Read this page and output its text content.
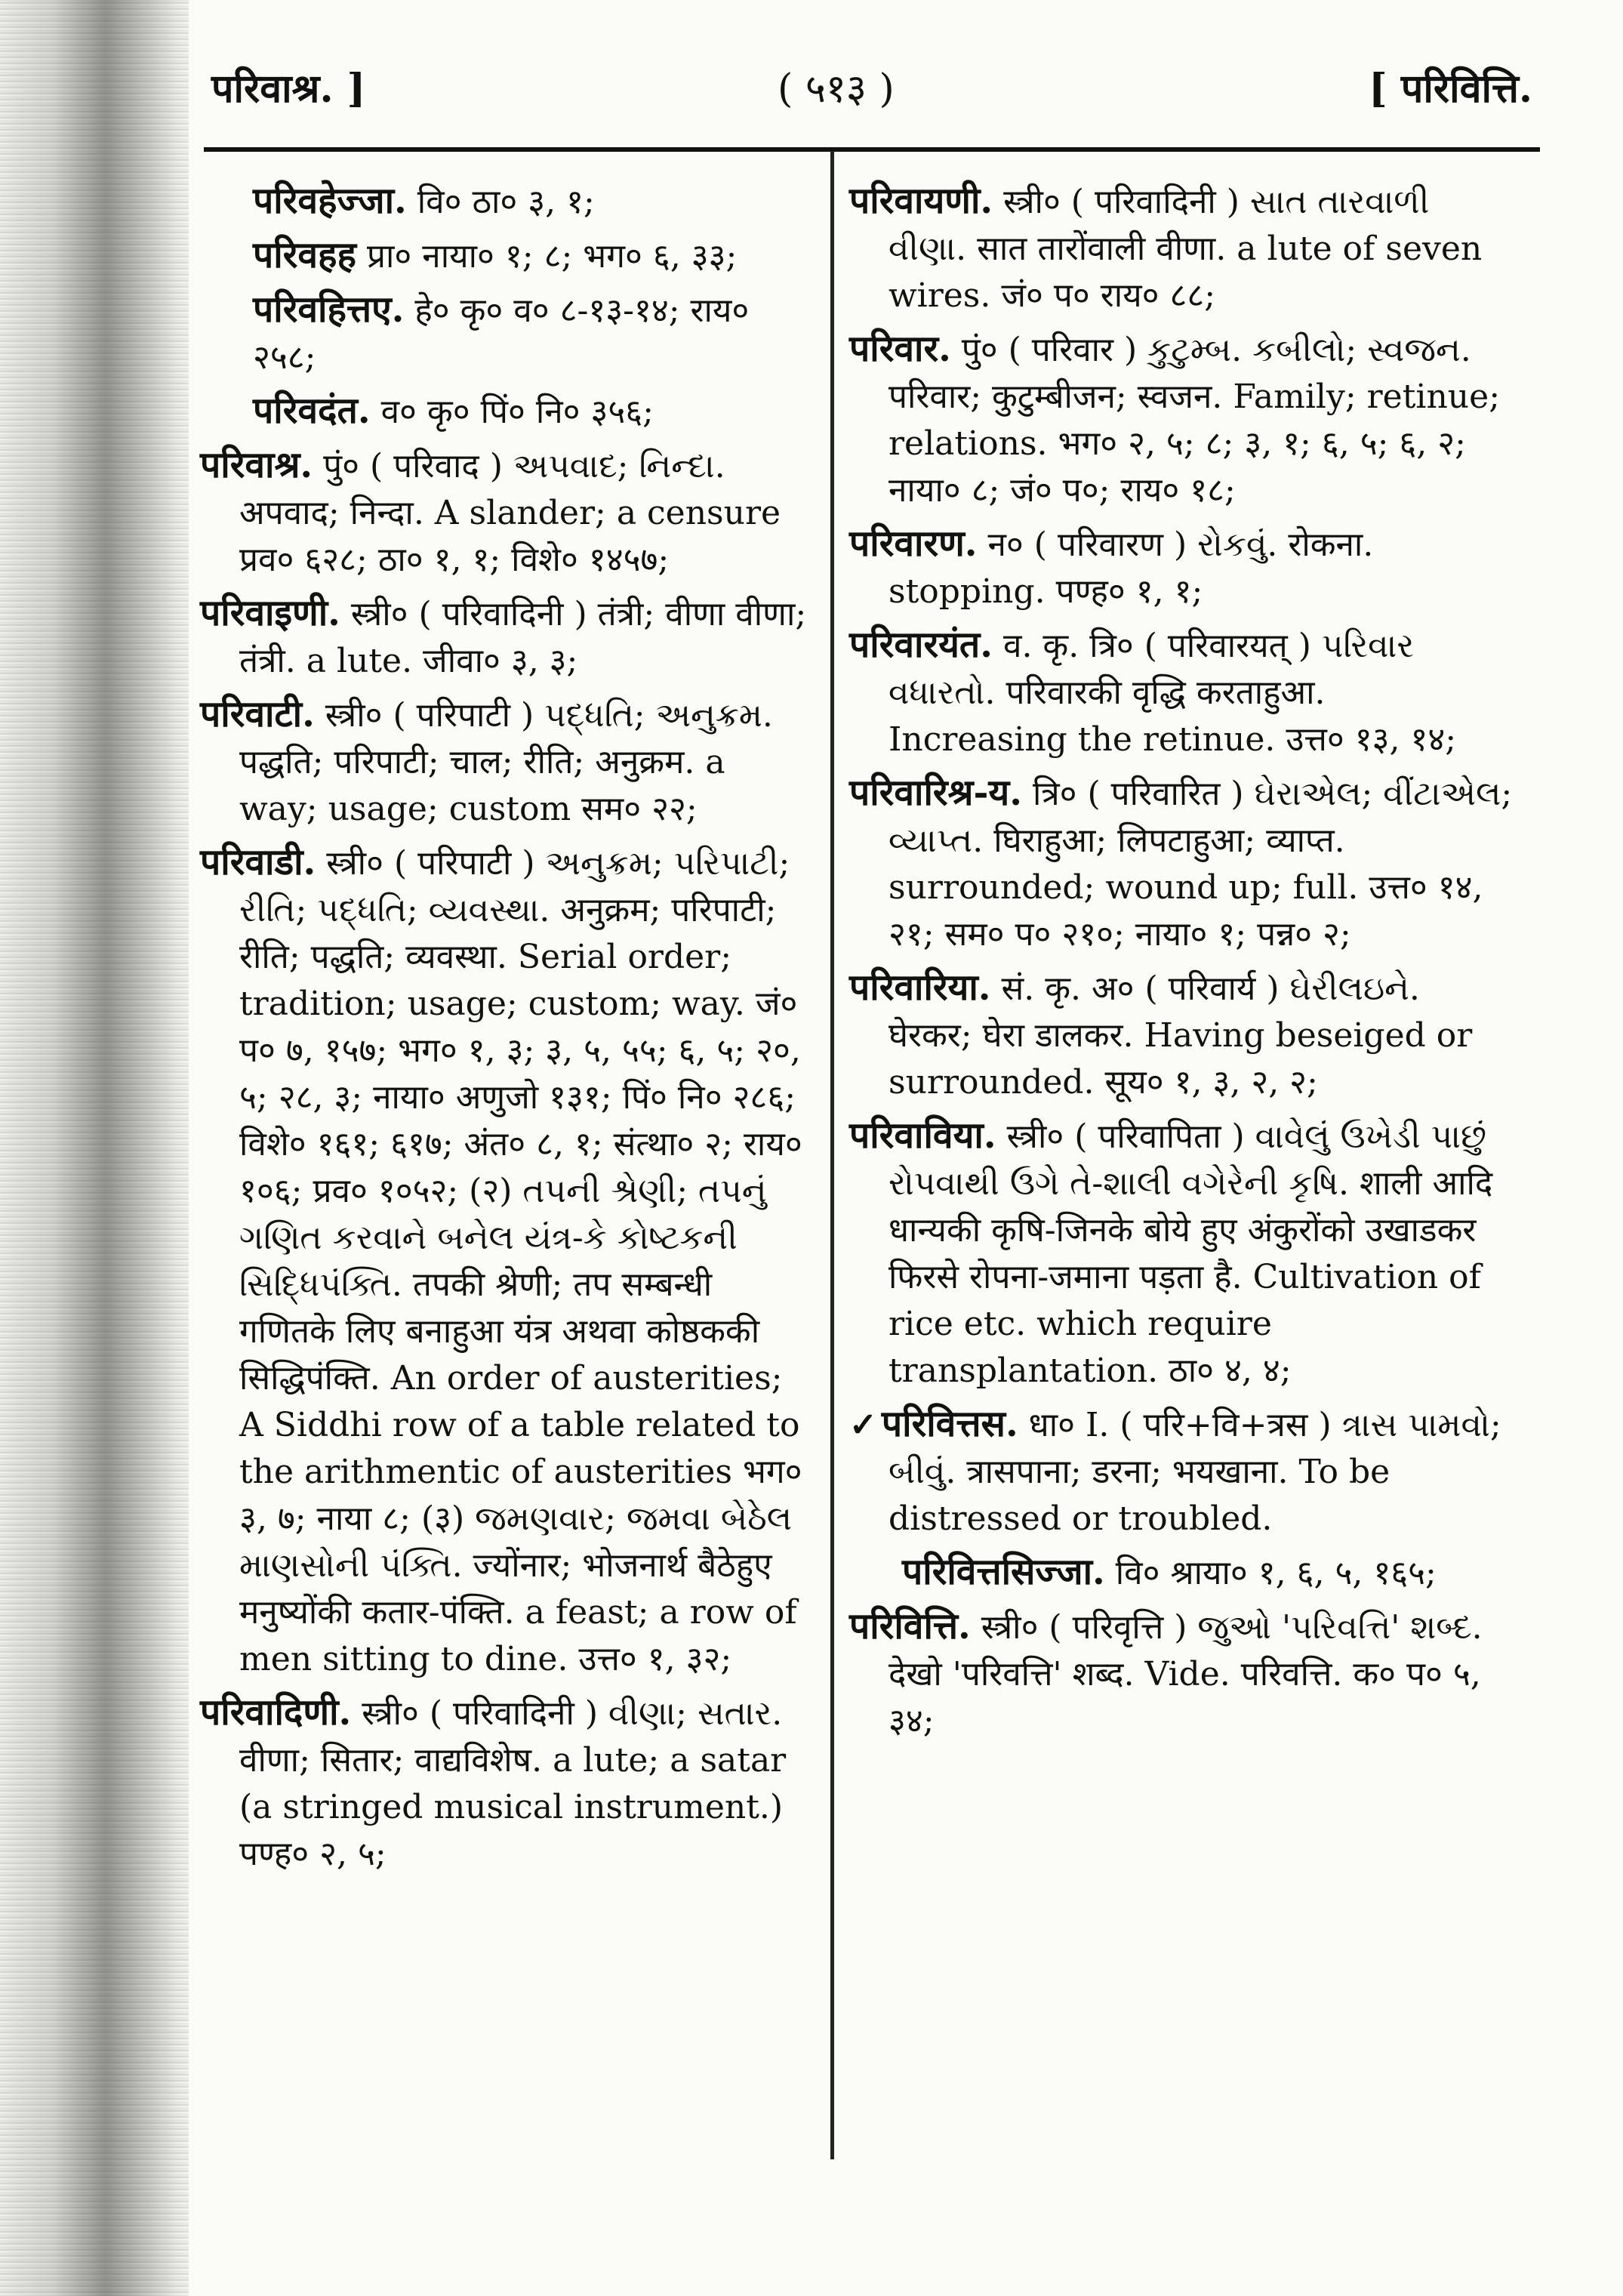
परिवाश्र. ]	( ५१३ )	[ परिवित्ति.

परिवहेज्जा. वि० ठा० ३, १;

परिवहह प्रा० नाया० १; ८; भग० ६, ३३;

परिवहित्तए. हे० कृ० व० ८-१३-१४; राय० २५८;

परिवदंत. व० कृ० पिं० नि० ३५६;

परिवाश्र. पुं० ( परिवाद ) અપવાદ; નિન્દા. अपवाद; निन्दा. A slander; a censure प्रव० ६२८; ठा० १, १; विशे० १४५७;

परिवाइणी. स्त्री० ( परिवादिनी ) तंत्री; वीणा वीणा; तंत्री. a lute. जीवा० ३, ३;

परिवाटी. स्त्री० ( परिपाटी ) પદ્ધતિ; અનુક્રમ. पद्धति; परिपाटी; चाल; रीति; अनुक्रम. a way; usage; custom सम० २२;

परिवाडी. स्त्री० ( परिपाटी ) અનુક્રમ; પરિપાટી; રીતિ; પદ્ધતિ; વ્યવસ્થા. अनुक्रम; परिपाटी; रीति; पद्धति; व्यवस्था. Serial order; tradition; usage; custom; way. जं० प० ७, १५७; भग० १, ३; ३, ५, ५५; ६, ५; २०, ५; २८, ३; नाया० अणुजो १३१; पिं० नि० २८६; विशे० १६१; ६१७; अंत० ८, १; संत्था० २; राय० १०६; प्रव० १०५२; (२) તપની શ્રેણી; તપનું ગણિત કરવાને બનેલ યંત્ર-કે કોષ્ટકની સિદ્ધિપંક્તિ. तपकी श्रेणी; तप सम्बन्धी गणितके लिए बनाहुआ यंत्र अथवा कोष्ठककी सिद्धिपंक्ति. An order of austerities; A Siddhi row of a table related to the arithmentic of austerities भग० ३, ७; नाया ८; (३) જમણવાર; જમવા બેઠેલ માણસોની પંક્તિ. ज्योंनार; भोजनार्थ बैठेहुए मनुष्योंकी कतार-पंक्ति. a feast; a row of men sitting to dine. उत्त० १, ३२;

परिवादिणी. स्त्री० ( परिवादिनी ) વીણા; સતાર. वीणा; सितार; वाद्यविशेष. a lute; a satar (a stringed musical instrument.) पण्ह० २, ५;

परिवायणी. स्त्री० ( परिवादिनी ) સાત તારવાળી વીણા. सात तारोंवाली वीणा. a lute of seven wires. जं० प० राय० ८८;

परिवार. पुं० ( परिवार ) કુટુમ્બ. કબીલો; સ્વજન. परिवार; कुटुम्बीजन; स्वजन. Family; retinue; relations. भग० २, ५; ८; ३, १; ६, ५; ६, २; नाया० ८; जं० प०; राय० १८;

परिवारण. न० ( परिवारण ) રોકવું. रोकना. stopping. पण्ह० १, १;

परिवारयंत. व. कृ. त्रि० ( परिवारयत् ) પરિવાર વધારતો. परिवारकी वृद्धि करताहुआ. Increasing the retinue. उत्त० १३, १४;

परिवारिश्र-य. त्रि० ( परिवारित ) ઘેરાએલ; વીંટાએલ; વ્યાપ્ત. घिराहुआ; लिपटाहुआ; व्याप्त. surrounded; wound up; full. उत्त० १४, २१; सम० प० २१०; नाया० १; पन्न० २;

परिवारिया. सं. कृ. अ० ( परिवार्य ) ઘેરીલઇને. घेरकर; घेरा डालकर. Having beseiged or surrounded. सूय० १, ३, २, २;

परिवाविया. स्त्री० ( परिवापिता ) વાવેલું ઉખેડી પાછું રોપવાથી ઉગે તે-શાલી વગેરેની કૃષિ. शाली आदि धान्यकी कृषि-जिनके बोये हुए अंकुरोंको उखाडकर फिरसे रोपना-जमाना पड़ता है. Cultivation of rice etc. which require transplantation. ठा० ४, ४;

✓ परिवित्तस. धा० I. ( परि+वि+त्रस ) ત્રાસ પામવો; બીવું. त्रासपाना; डरना; भयखाना. To be distressed or troubled.

परिवित्तसिज्जा. वि० श्राया० १, ६, ५, १६५;

परिवित्ति. स्त्री० ( परिवृत्ति ) જુઓ 'પરિવત્તિ' શબ્દ. देखो 'परिवत्ति' शब्द. Vide. परिवत्ति. क० प० ५, ३४;
